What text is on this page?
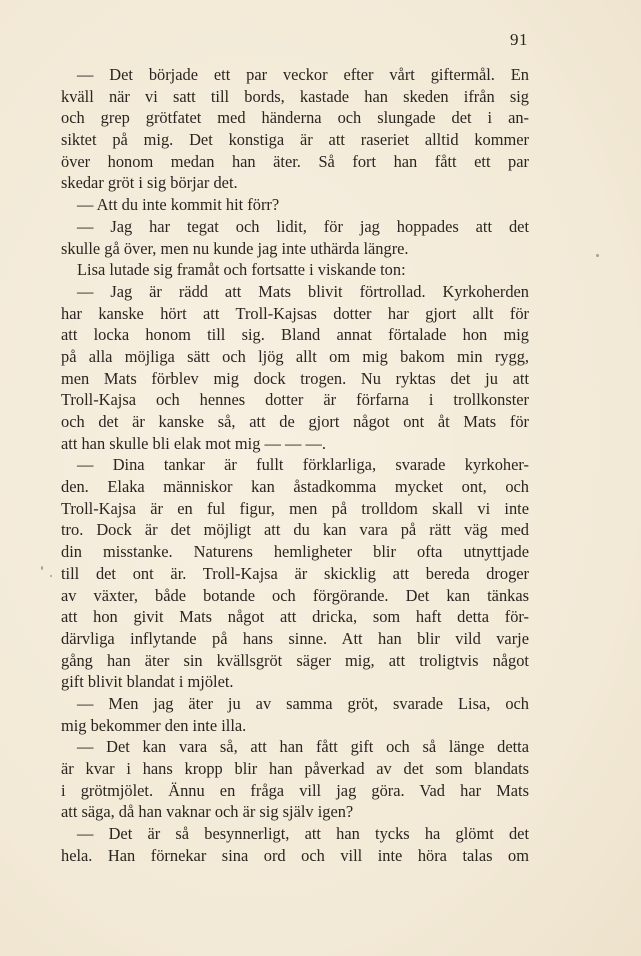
91
— Det började ett par veckor efter vårt giftermål. En
kväll när vi satt till bords, kastade han skeden ifrån sig
och grep grötfatet med händerna och slungade det i an-
siktet på mig. Det konstiga är att raseriet alltid kommer
över honom medan han äter. Så fort han fått ett par
skedar gröt i sig börjar det.
— Att du inte kommit hit förr?
— Jag har tegat och lidit, för jag hoppades att det
skulle gå över, men nu kunde jag inte uthärda längre.
Lisa lutade sig framåt och fortsatte i viskande ton:
— Jag är rädd att Mats blivit förtrollad. Kyrkoherden
har kanske hört att Troll-Kajsas dotter har gjort allt för
att locka honom till sig. Bland annat förtalade hon mig
på alla möjliga sätt och ljög allt om mig bakom min rygg,
men Mats förblev mig dock trogen. Nu ryktas det ju att
Troll-Kajsa och hennes dotter är förfarna i trollkonster
och det är kanske så, att de gjort något ont åt Mats för
att han skulle bli elak mot mig — — —.
— Dina tankar är fullt förklarliga, svarade kyrkoher-
den. Elaka människor kan åstadkomma mycket ont, och
Troll-Kajsa är en ful figur, men på trolldom skall vi inte
tro. Dock är det möjligt att du kan vara på rätt väg med
din misstanke. Naturens hemligheter blir ofta utnyttjade
till det ont är. Troll-Kajsa är skicklig att bereda droger
av växter, både botande och förgörande. Det kan tänkas
att hon givit Mats något att dricka, som haft detta för-
därvliga inflytande på hans sinne. Att han blir vild varje
gång han äter sin kvällsgröt säger mig, att troligtvis något
gift blivit blandat i mjölet.
— Men jag äter ju av samma gröt, svarade Lisa, och
mig bekommer den inte illa.
— Det kan vara så, att han fått gift och så länge detta
är kvar i hans kropp blir han påverkad av det som blandats
i grötmjölet. Ännu en fråga vill jag göra. Vad har Mats
att säga, då han vaknar och är sig själv igen?
— Det är så besynnerligt, att han tycks ha glömt det
hela. Han förnekar sina ord och vill inte höra talas om
